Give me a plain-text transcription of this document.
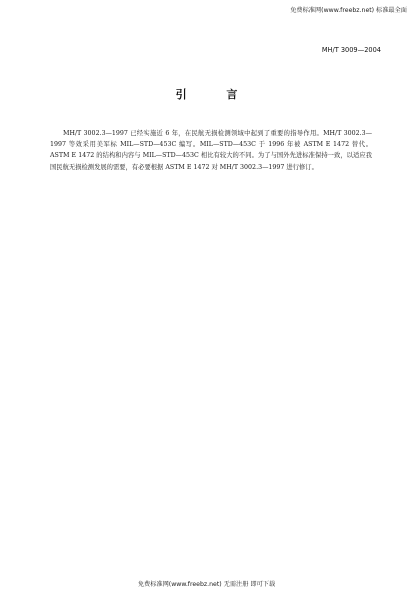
免费标准网(www.freebz.net) 标准最全面
MH/T 3009—2004
引 言

MH/T 3002.3—1997 已经实施近 6 年，在民航无损检测领域中起到了重要的指导作用。MH/T 3002.3—1997 等效采用美军标 MIL—STD—453C 编写。MIL—STD—453C 于 1996 年被 ASTM E 1472 替代。ASTM E 1472 的结构和内容与 MIL—STD—453C 相比有较大的不同。为了与国外先进标准保持一致，以适应我国民航无损检测发展的需要，有必要根据 ASTM E 1472 对 MH/T 3002.3—1997 进行修订。

免费标准网(www.freebz.net) 无需注册 即可下载
